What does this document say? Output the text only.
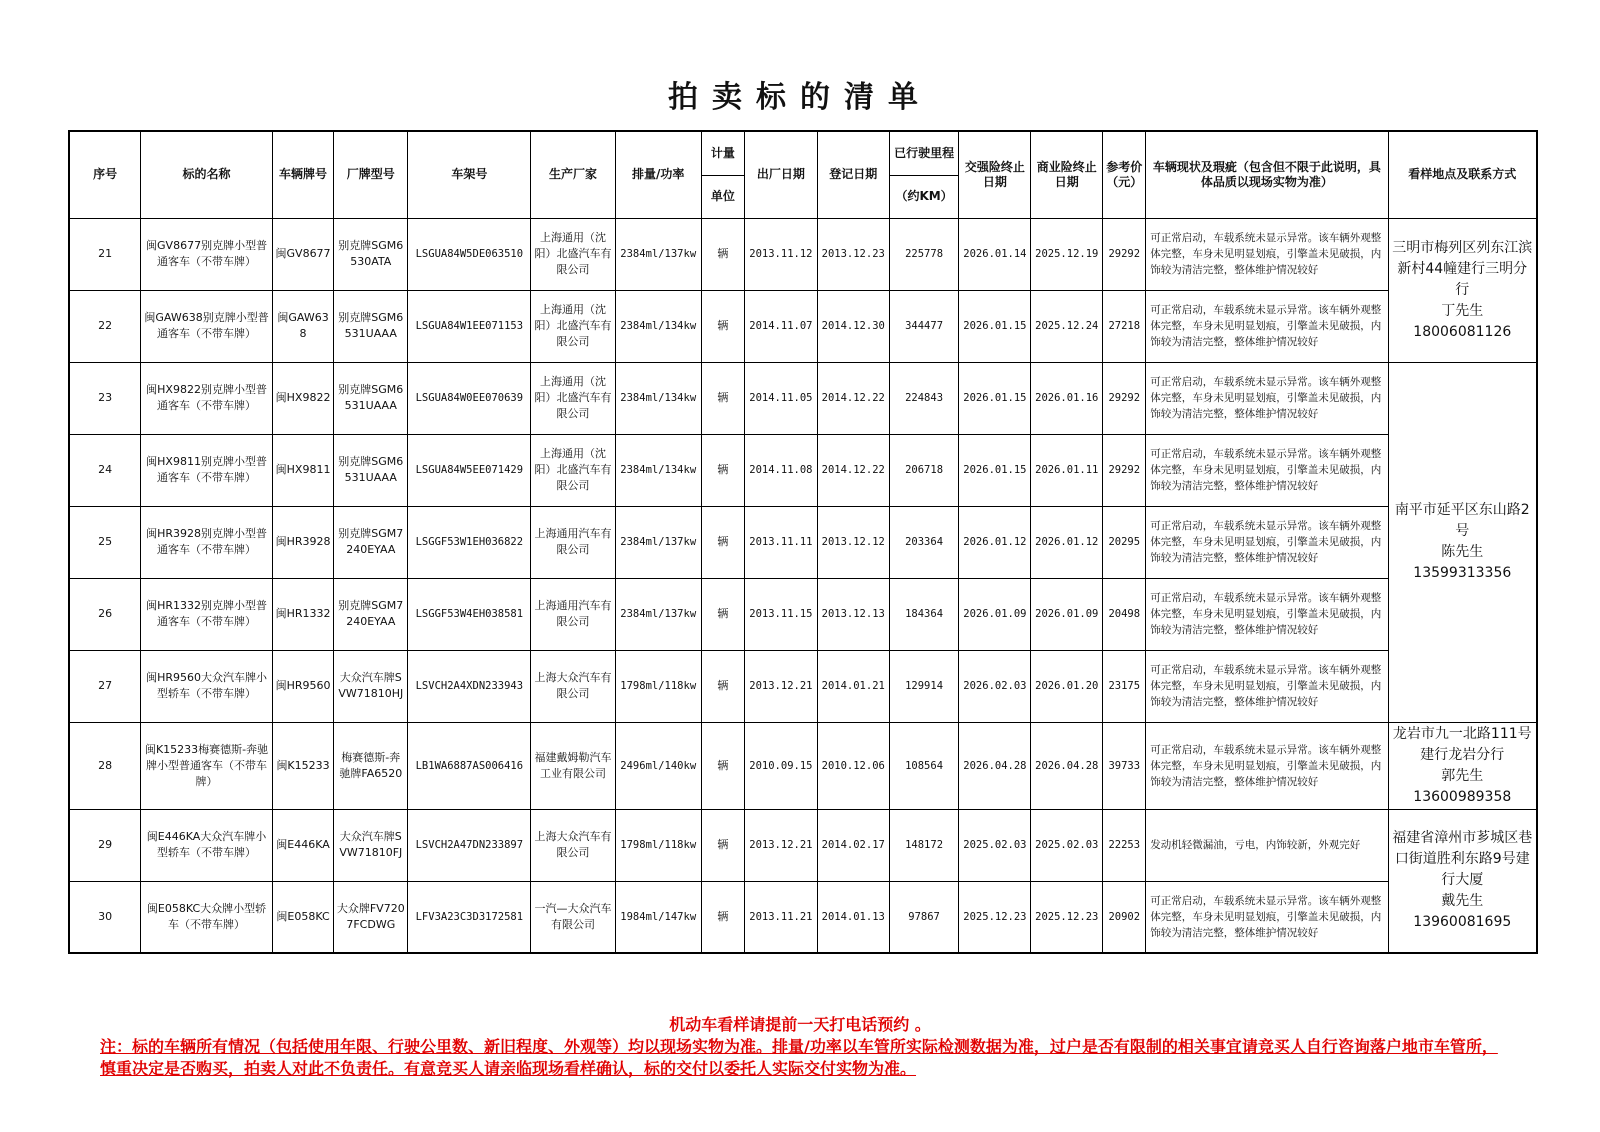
拍卖标的清单
序号	标的名称	车辆牌号	厂牌型号	车架号	生产厂家	排量/功率	计量	出厂日期	登记日期	已行驶里程	交强险终止日期	商业险终止日期	参考价（元）	车辆现状及瑕疵（包含但不限于此说明，具体品质以现场实物为准）	看样地点及联系方式
							单位			（约KM）					
21	闽GV8677别克牌小型普通客车（不带车牌）	闽GV8677	别克牌SGM6530ATA	LSGUA84W5DE063510	上海通用（沈阳）北盛汽车有限公司	2384ml/137kw	辆	2013.11.12	2013.12.23	225778	2026.01.14	2025.12.19	29292	可正常启动，车载系统未显示异常。该车辆外观整体完整，车身未见明显划痕，引擎盖未见破损，内饰较为清洁完整，整体维护情况较好	三明市梅列区列东江滨新村44幢建行三明分行
丁先生
18006081126

22	闽GAW638别克牌小型普通客车（不带车牌）	闽GAW638	别克牌SGM6531UAAA	LSGUA84W1EE071153	上海通用（沈阳）北盛汽车有限公司	2384ml/134kw	辆	2014.11.07	2014.12.30	344477	2026.01.15	2025.12.24	27218	可正常启动，车载系统未显示异常。该车辆外观整体完整，车身未见明显划痕，引擎盖未见破损，内饰较为清洁完整，整体维护情况较好	
23	闽HX9822别克牌小型普通客车（不带车牌）	闽HX9822	别克牌SGM6531UAAA	LSGUA84W0EE070639	上海通用（沈阳）北盛汽车有限公司	2384ml/134kw	辆	2014.11.05	2014.12.22	224843	2026.01.15	2026.01.16	29292	可正常启动，车载系统未显示异常。该车辆外观整体完整，车身未见明显划痕，引擎盖未见破损，内饰较为清洁完整，整体维护情况较好	南平市延平区东山路2号
陈先生
13599313356

24	闽HX9811别克牌小型普通客车（不带车牌）	闽HX9811	别克牌SGM6531UAAA	LSGUA84W5EE071429	上海通用（沈阳）北盛汽车有限公司	2384ml/134kw	辆	2014.11.08	2014.12.22	206718	2026.01.15	2026.01.11	29292	可正常启动，车载系统未显示异常。该车辆外观整体完整，车身未见明显划痕，引擎盖未见破损，内饰较为清洁完整，整体维护情况较好	
25	闽HR3928别克牌小型普通客车（不带车牌）	闽HR3928	别克牌SGM7240EYAA	LSGGF53W1EH036822	上海通用汽车有限公司	2384ml/137kw	辆	2013.11.11	2013.12.12	203364	2026.01.12	2026.01.12	20295	可正常启动，车载系统未显示异常。该车辆外观整体完整，车身未见明显划痕，引擎盖未见破损，内饰较为清洁完整，整体维护情况较好	
26	闽HR1332别克牌小型普通客车（不带车牌）	闽HR1332	别克牌SGM7240EYAA	LSGGF53W4EH038581	上海通用汽车有限公司	2384ml/137kw	辆	2013.11.15	2013.12.13	184364	2026.01.09	2026.01.09	20498	可正常启动，车载系统未显示异常。该车辆外观整体完整，车身未见明显划痕，引擎盖未见破损，内饰较为清洁完整，整体维护情况较好	
27	闽HR9560大众汽车牌小型轿车（不带车牌）	闽HR9560	大众汽车牌SVW71810HJ	LSVCH2A4XDN233943	上海大众汽车有限公司	1798ml/118kw	辆	2013.12.21	2014.01.21	129914	2026.02.03	2026.01.20	23175	可正常启动，车载系统未显示异常。该车辆外观整体完整，车身未见明显划痕，引擎盖未见破损，内饰较为清洁完整，整体维护情况较好	
28	闽K15233梅赛德斯-奔驰牌小型普通客车（不带车牌）	闽K15233	梅赛德斯-奔驰牌FA6520	LB1WA6887AS006416	福建戴姆勒汽车工业有限公司	2496ml/140kw	辆	2010.09.15	2010.12.06	108564	2026.04.28	2026.04.28	39733	可正常启动，车载系统未显示异常。该车辆外观整体完整，车身未见明显划痕，引擎盖未见破损，内饰较为清洁完整，整体维护情况较好	龙岩市九一北路111号建行龙岩分行
郭先生
13600989358

29	闽E446KA大众汽车牌小型轿车（不带车牌）	闽E446KA	大众汽车牌SVW71810FJ	LSVCH2A47DN233897	上海大众汽车有限公司	1798ml/118kw	辆	2013.12.21	2014.02.17	148172	2025.02.03	2025.02.03	22253	发动机轻微漏油，亏电，内饰较新，外观完好	福建省漳州市芗城区巷口街道胜利东路9号建行大厦
戴先生
13960081695

30	闽E058KC大众牌小型轿车（不带车牌）	闽E058KC	大众牌FV7207FCDWG	LFV3A23C3D3172581	一汽—大众汽车有限公司	1984ml/147kw	辆	2013.11.21	2014.01.13	97867	2025.12.23	2025.12.23	20902	可正常启动，车载系统未显示异常。该车辆外观整体完整，车身未见明显划痕，引擎盖未见破损，内饰较为清洁完整，整体维护情况较好	
机动车看样请提前一天打电话预约 。
注：标的车辆所有情况（包括使用年限、行驶公里数、新旧程度、外观等）均以现场实物为准。排量/功率以车管所实际检测数据为准，过户是否有限制的相关事宜请竞买人自行咨询落户地市车管所，慎重决定是否购买，拍卖人对此不负责任。有意竞买人请亲临现场看样确认，标的交付以委托人实际交付实物为准。
